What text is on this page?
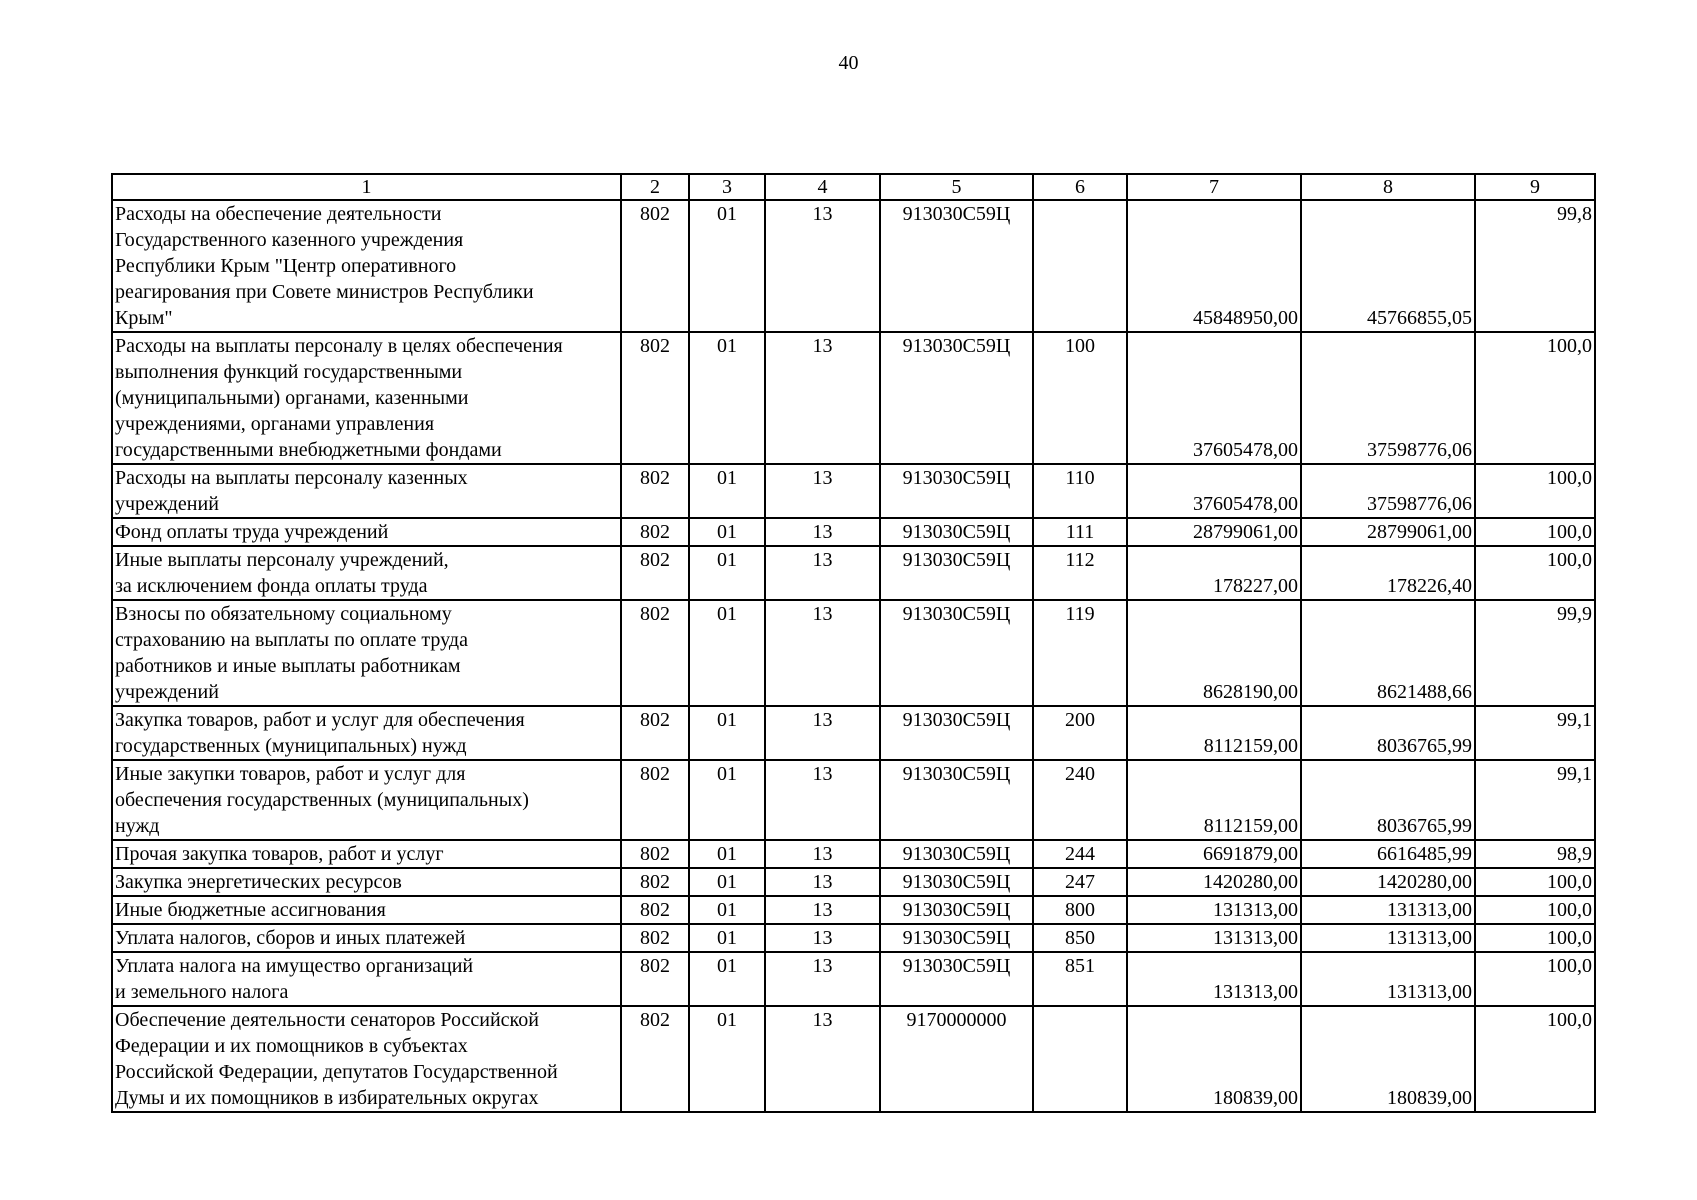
40
1	2	3	4	5	6	7	8	9
Расходы на обеспечение деятельности
Государственного казенного учреждения
Республики Крым "Центр оперативного
реагирования при Совете министров Республики
Крым"	802	01	13	913030С59Ц		45848950,00	45766855,05	99,8
Расходы на выплаты персоналу в целях обеспечения
выполнения функций государственными
(муниципальными) органами, казенными
учреждениями, органами управления
государственными внебюджетными фондами	802	01	13	913030С59Ц	100	37605478,00	37598776,06	100,0
Расходы на выплаты персоналу казенных
учреждений	802	01	13	913030С59Ц	110	37605478,00	37598776,06	100,0
Фонд оплаты труда учреждений	802	01	13	913030С59Ц	111	28799061,00	28799061,00	100,0
Иные выплаты персоналу учреждений,
за исключением фонда оплаты труда	802	01	13	913030С59Ц	112	178227,00	178226,40	100,0
Взносы по обязательному социальному
страхованию на выплаты по оплате труда
работников и иные выплаты работникам
учреждений	802	01	13	913030С59Ц	119	8628190,00	8621488,66	99,9
Закупка товаров, работ и услуг для обеспечения
государственных (муниципальных) нужд	802	01	13	913030С59Ц	200	8112159,00	8036765,99	99,1
Иные закупки товаров, работ и услуг для
обеспечения государственных (муниципальных)
нужд	802	01	13	913030С59Ц	240	8112159,00	8036765,99	99,1
Прочая закупка товаров, работ и услуг	802	01	13	913030С59Ц	244	6691879,00	6616485,99	98,9
Закупка энергетических ресурсов	802	01	13	913030С59Ц	247	1420280,00	1420280,00	100,0
Иные бюджетные ассигнования	802	01	13	913030С59Ц	800	131313,00	131313,00	100,0
Уплата налогов, сборов и иных платежей	802	01	13	913030С59Ц	850	131313,00	131313,00	100,0
Уплата налога на имущество организаций
и земельного налога	802	01	13	913030С59Ц	851	131313,00	131313,00	100,0
Обеспечение деятельности сенаторов Российской
Федерации и их помощников в субъектах
Российской Федерации, депутатов Государственной
Думы и их помощников в избирательных округах	802	01	13	9170000000		180839,00	180839,00	100,0
